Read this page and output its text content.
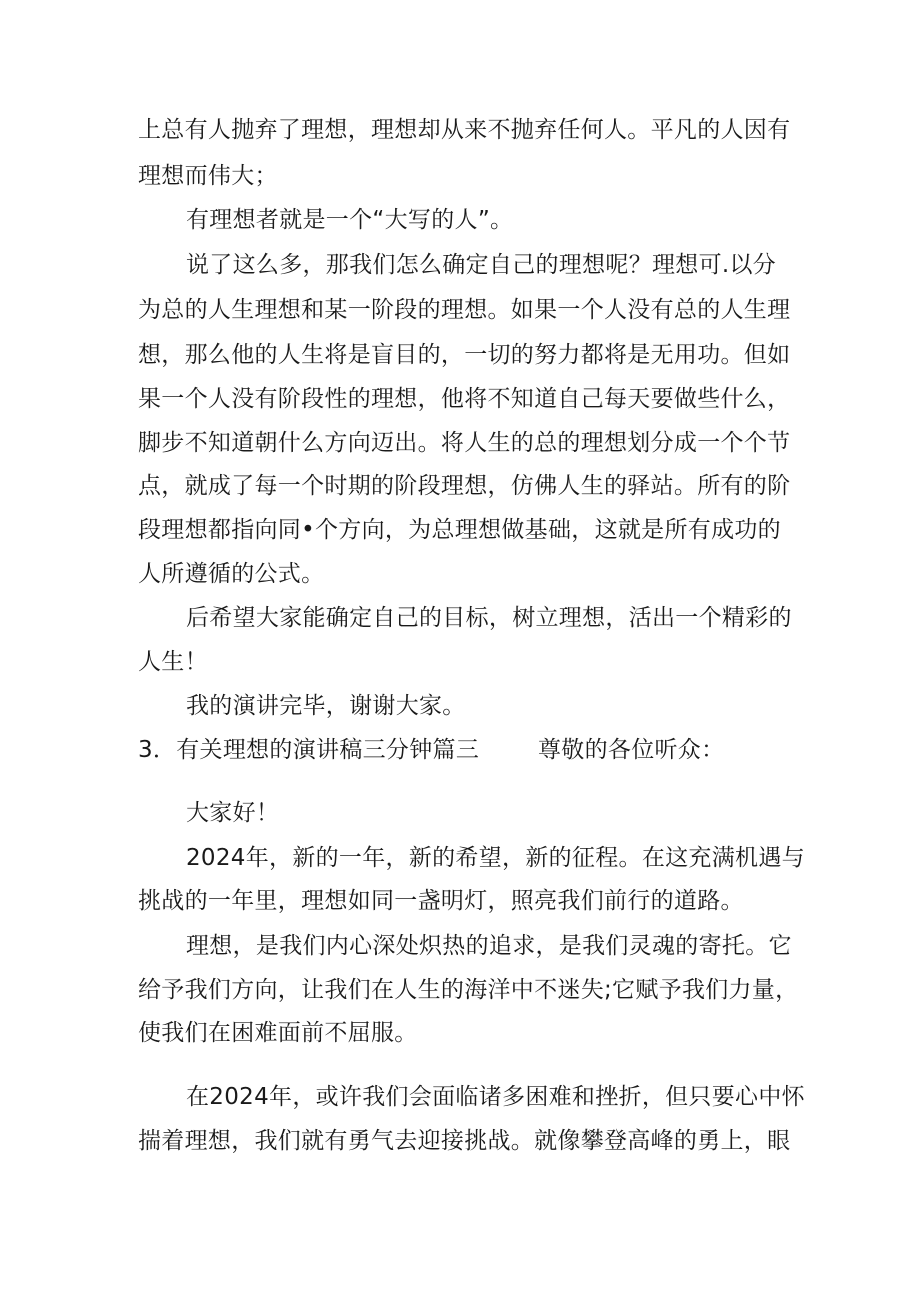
上总有人抛弃了理想，理想却从来不抛弃任何人。平凡的人因有
理想而伟大；
有理想者就是一个“大写的人”。
说了这么多，那我们怎么确定自己的理想呢？理想可.以分
为总的人生理想和某一阶段的理想。如果一个人没有总的人生理
想，那么他的人生将是盲目的，一切的努力都将是无用功。但如
果一个人没有阶段性的理想，他将不知道自己每天要做些什么，
脚步不知道朝什么方向迈出。将人生的总的理想划分成一个个节
点，就成了每一个时期的阶段理想，仿佛人生的驿站。所有的阶
段理想都指向同•个方向，为总理想做基础，这就是所有成功的
人所遵循的公式。
后希望大家能确定自己的目标，树立理想，活出一个精彩的
人生！
我的演讲完毕，谢谢大家。
3．有关理想的演讲稿三分钟篇三	尊敬的各位听众：
大家好！
2024年，新的一年，新的希望，新的征程。在这充满机遇与
挑战的一年里，理想如同一盏明灯，照亮我们前行的道路。
理想，是我们内心深处炽热的追求，是我们灵魂的寄托。它
给予我们方向，让我们在人生的海洋中不迷失;它赋予我们力量，
使我们在困难面前不屈服。
在2024年，或许我们会面临诸多困难和挫折，但只要心中怀
揣着理想，我们就有勇气去迎接挑战。就像攀登高峰的勇上，眼
